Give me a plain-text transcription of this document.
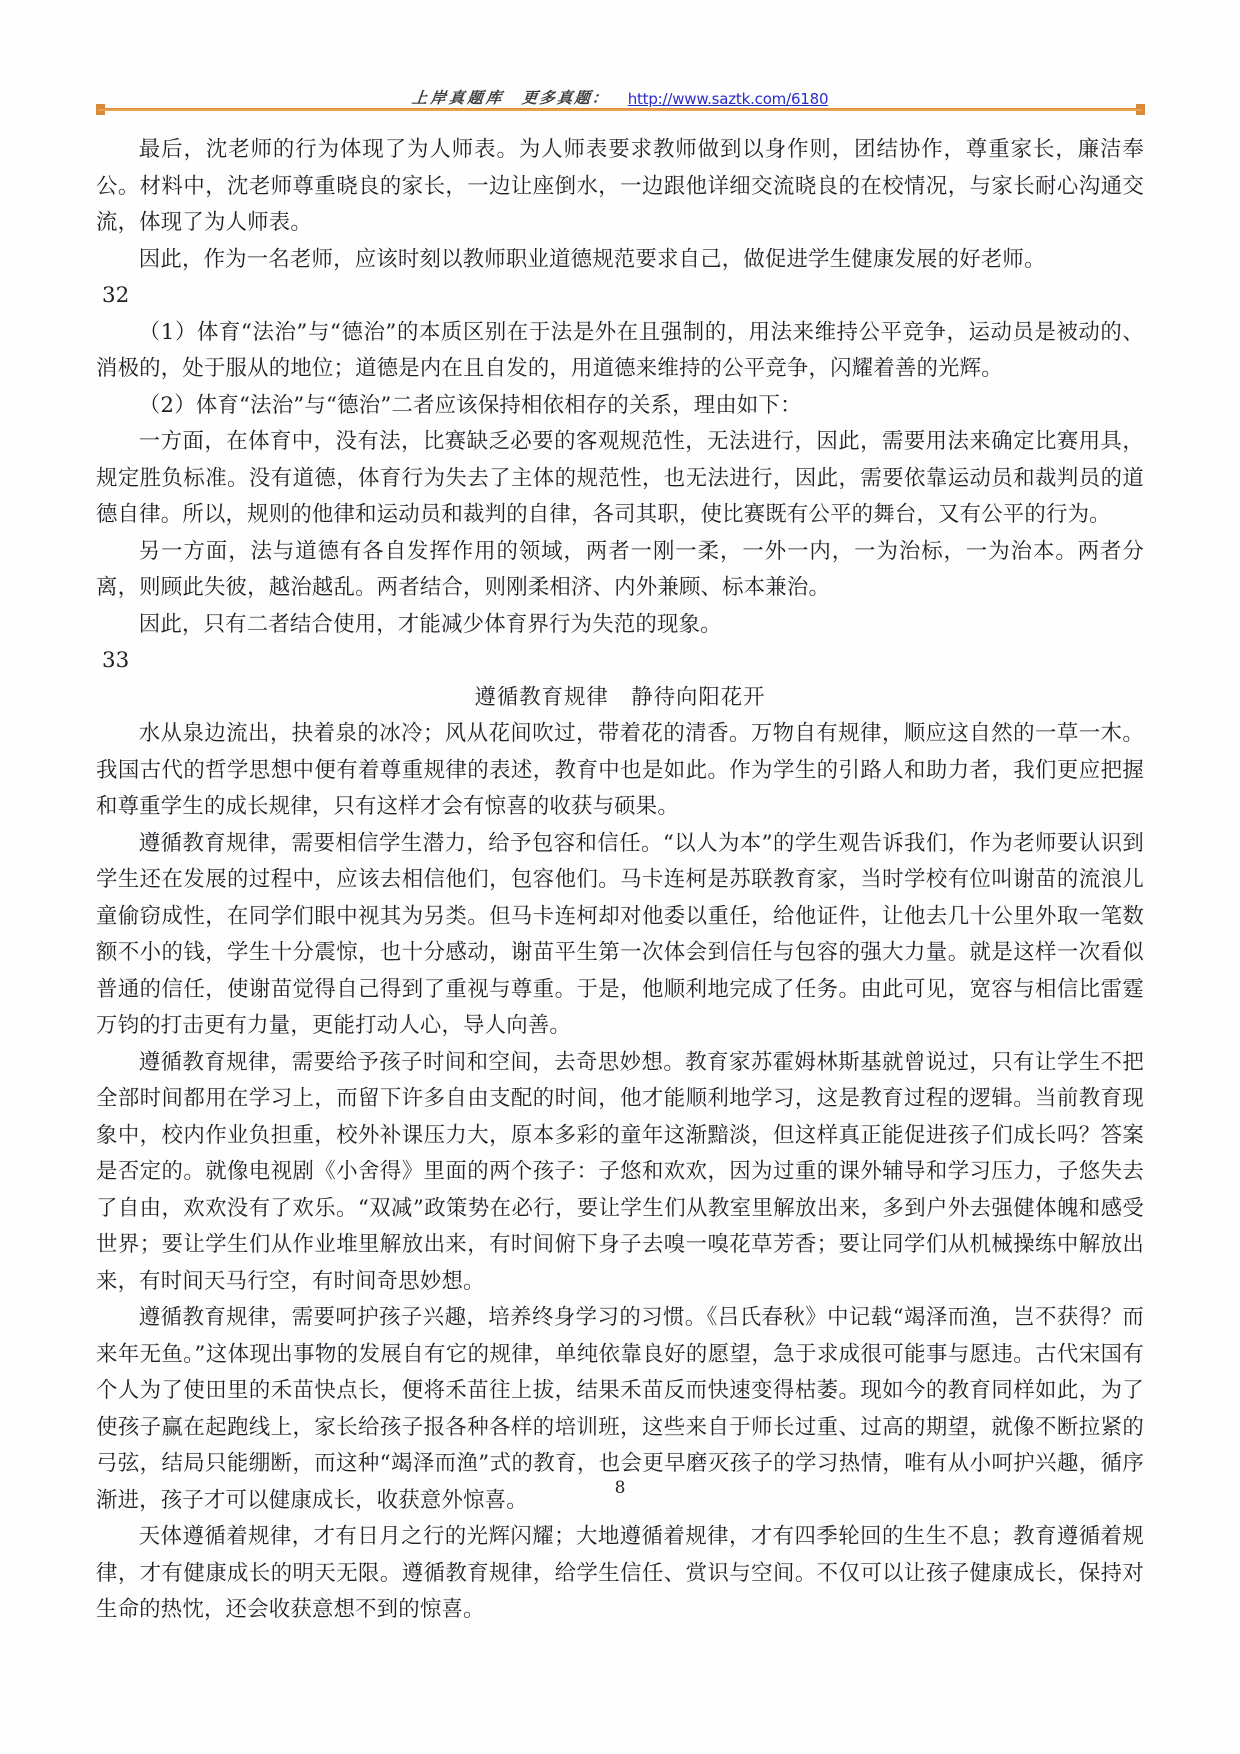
上岸真题库 更多真题： http://www.saztk.com/6180

最后，沈老师的行为体现了为人师表。为人师表要求教师做到以身作则，团结协作，尊重家长，廉洁奉公。材料中，沈老师尊重晓良的家长，一边让座倒水，一边跟他详细交流晓良的在校情况，与家长耐心沟通交流，体现了为人师表。

因此，作为一名老师，应该时刻以教师职业道德规范要求自己，做促进学生健康发展的好老师。

32

（1）体育“法治”与“德治”的本质区别在于法是外在且强制的，用法来维持公平竞争，运动员是被动的、消极的，处于服从的地位；道德是内在且自发的，用道德来维持的公平竞争，闪耀着善的光辉。

（2）体育“法治”与“德治”二者应该保持相依相存的关系，理由如下：

一方面，在体育中，没有法，比赛缺乏必要的客观规范性，无法进行，因此，需要用法来确定比赛用具，规定胜负标准。没有道德，体育行为失去了主体的规范性，也无法进行，因此，需要依靠运动员和裁判员的道德自律。所以，规则的他律和运动员和裁判的自律，各司其职，使比赛既有公平的舞台，又有公平的行为。

另一方面，法与道德有各自发挥作用的领域，两者一刚一柔，一外一内，一为治标，一为治本。两者分离，则顾此失彼，越治越乱。两者结合，则刚柔相济、内外兼顾、标本兼治。

因此，只有二者结合使用，才能减少体育界行为失范的现象。

33

遵循教育规律　静待向阳花开

水从泉边流出，抉着泉的冰冷；风从花间吹过，带着花的清香。万物自有规律，顺应这自然的一草一木。我国古代的哲学思想中便有着尊重规律的表述，教育中也是如此。作为学生的引路人和助力者，我们更应把握和尊重学生的成长规律，只有这样才会有惊喜的收获与硕果。

遵循教育规律，需要相信学生潜力，给予包容和信任。“以人为本”的学生观告诉我们，作为老师要认识到学生还在发展的过程中，应该去相信他们，包容他们。马卡连柯是苏联教育家，当时学校有位叫谢苗的流浪儿童偷窃成性，在同学们眼中视其为另类。但马卡连柯却对他委以重任，给他证件，让他去几十公里外取一笔数额不小的钱，学生十分震惊，也十分感动，谢苗平生第一次体会到信任与包容的强大力量。就是这样一次看似普通的信任，使谢苗觉得自己得到了重视与尊重。于是，他顺利地完成了任务。由此可见，宽容与相信比雷霆万钧的打击更有力量，更能打动人心，导人向善。

遵循教育规律，需要给予孩子时间和空间，去奇思妙想。教育家苏霍姆林斯基就曾说过，只有让学生不把全部时间都用在学习上，而留下许多自由支配的时间，他才能顺利地学习，这是教育过程的逻辑。当前教育现象中，校内作业负担重，校外补课压力大，原本多彩的童年这渐黯淡，但这样真正能促进孩子们成长吗？答案是否定的。就像电视剧《小舍得》里面的两个孩子：子悠和欢欢，因为过重的课外辅导和学习压力，子悠失去了自由，欢欢没有了欢乐。“双减”政策势在必行，要让学生们从教室里解放出来，多到户外去强健体魄和感受世界；要让学生们从作业堆里解放出来，有时间俯下身子去嗅一嗅花草芳香；要让同学们从机械操练中解放出来，有时间天马行空，有时间奇思妙想。

遵循教育规律，需要呵护孩子兴趣，培养终身学习的习惯。《吕氏春秋》中记载“竭泽而渔，岂不获得？而来年无鱼。”这体现出事物的发展自有它的规律，单纯依靠良好的愿望，急于求成很可能事与愿违。古代宋国有个人为了使田里的禾苗快点长，便将禾苗往上拔，结果禾苗反而快速变得枯萎。现如今的教育同样如此，为了使孩子赢在起跑线上，家长给孩子报各种各样的培训班，这些来自于师长过重、过高的期望，就像不断拉紧的弓弦，结局只能绷断，而这种“竭泽而渔”式的教育，也会更早磨灭孩子的学习热情，唯有从小呵护兴趣，循序渐进，孩子才可以健康成长，收获意外惊喜。

天体遵循着规律，才有日月之行的光辉闪耀；大地遵循着规律，才有四季轮回的生生不息；教育遵循着规律，才有健康成长的明天无限。遵循教育规律，给学生信任、赏识与空间。不仅可以让孩子健康成长，保持对生命的热忱，还会收获意想不到的惊喜。

8
